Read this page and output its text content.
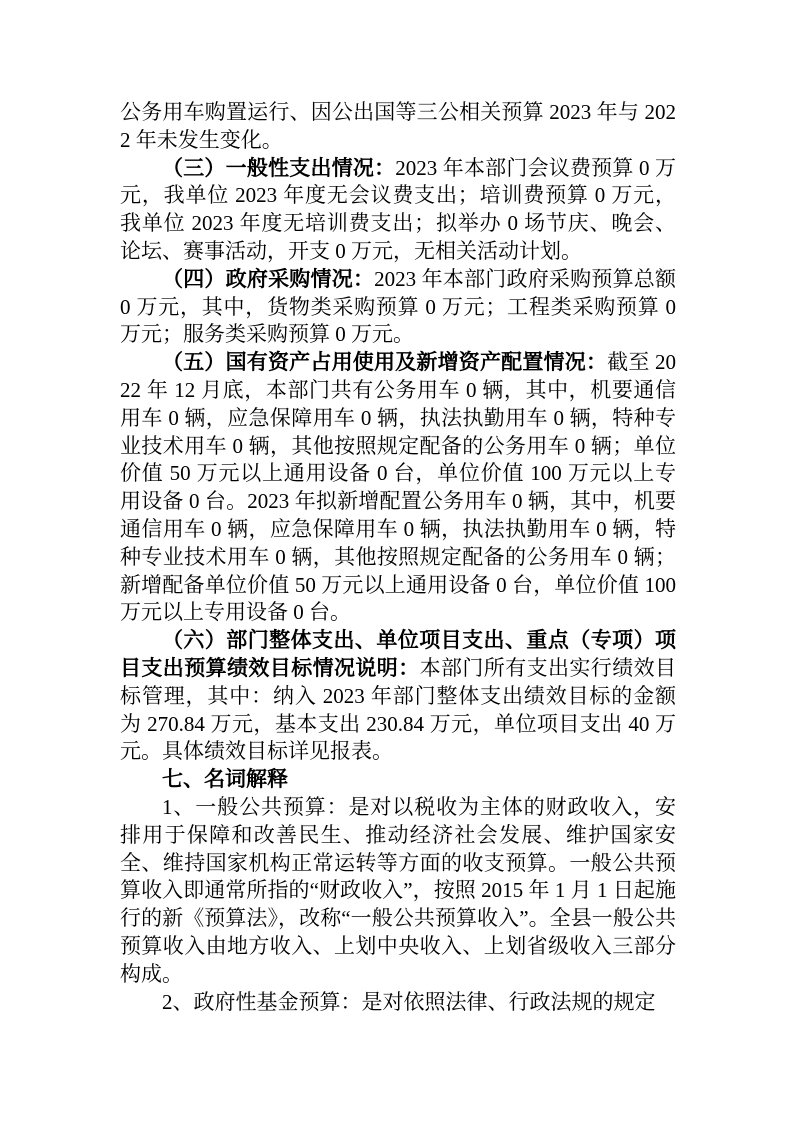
公务用车购置运行、因公出国等三公相关预算 2023 年与 2022 年未发生变化。

（三）一般性支出情况：2023 年本部门会议费预算 0 万元，我单位 2023 年度无会议费支出；培训费预算 0 万元，我单位 2023 年度无培训费支出；拟举办 0 场节庆、晚会、论坛、赛事活动，开支 0 万元，无相关活动计划。

（四）政府采购情况：2023 年本部门政府采购预算总额 0 万元，其中，货物类采购预算 0 万元；工程类采购预算 0 万元；服务类采购预算 0 万元。

（五）国有资产占用使用及新增资产配置情况：截至 2022 年 12 月底，本部门共有公务用车 0 辆，其中，机要通信用车 0 辆，应急保障用车 0 辆，执法执勤用车 0 辆，特种专业技术用车 0 辆，其他按照规定配备的公务用车 0 辆；单位价值 50 万元以上通用设备 0 台，单位价值 100 万元以上专用设备 0 台。2023 年拟新增配置公务用车 0 辆，其中，机要通信用车 0 辆，应急保障用车 0 辆，执法执勤用车 0 辆，特种专业技术用车 0 辆，其他按照规定配备的公务用车 0 辆；新增配备单位价值 50 万元以上通用设备 0 台，单位价值 100 万元以上专用设备 0 台。

（六）部门整体支出、单位项目支出、重点（专项）项目支出预算绩效目标情况说明：本部门所有支出实行绩效目标管理，其中：纳入 2023 年部门整体支出绩效目标的金额为 270.84 万元，基本支出 230.84 万元，单位项目支出 40 万元。具体绩效目标详见报表。

七、名词解释

1、一般公共预算：是对以税收为主体的财政收入，安排用于保障和改善民生、推动经济社会发展、维护国家安全、维持国家机构正常运转等方面的收支预算。一般公共预算收入即通常所指的“财政收入”，按照 2015 年 1 月 1 日起施行的新《预算法》，改称“一般公共预算收入”。全县一般公共预算收入由地方收入、上划中央收入、上划省级收入三部分构成。

2、政府性基金预算：是对依照法律、行政法规的规定
